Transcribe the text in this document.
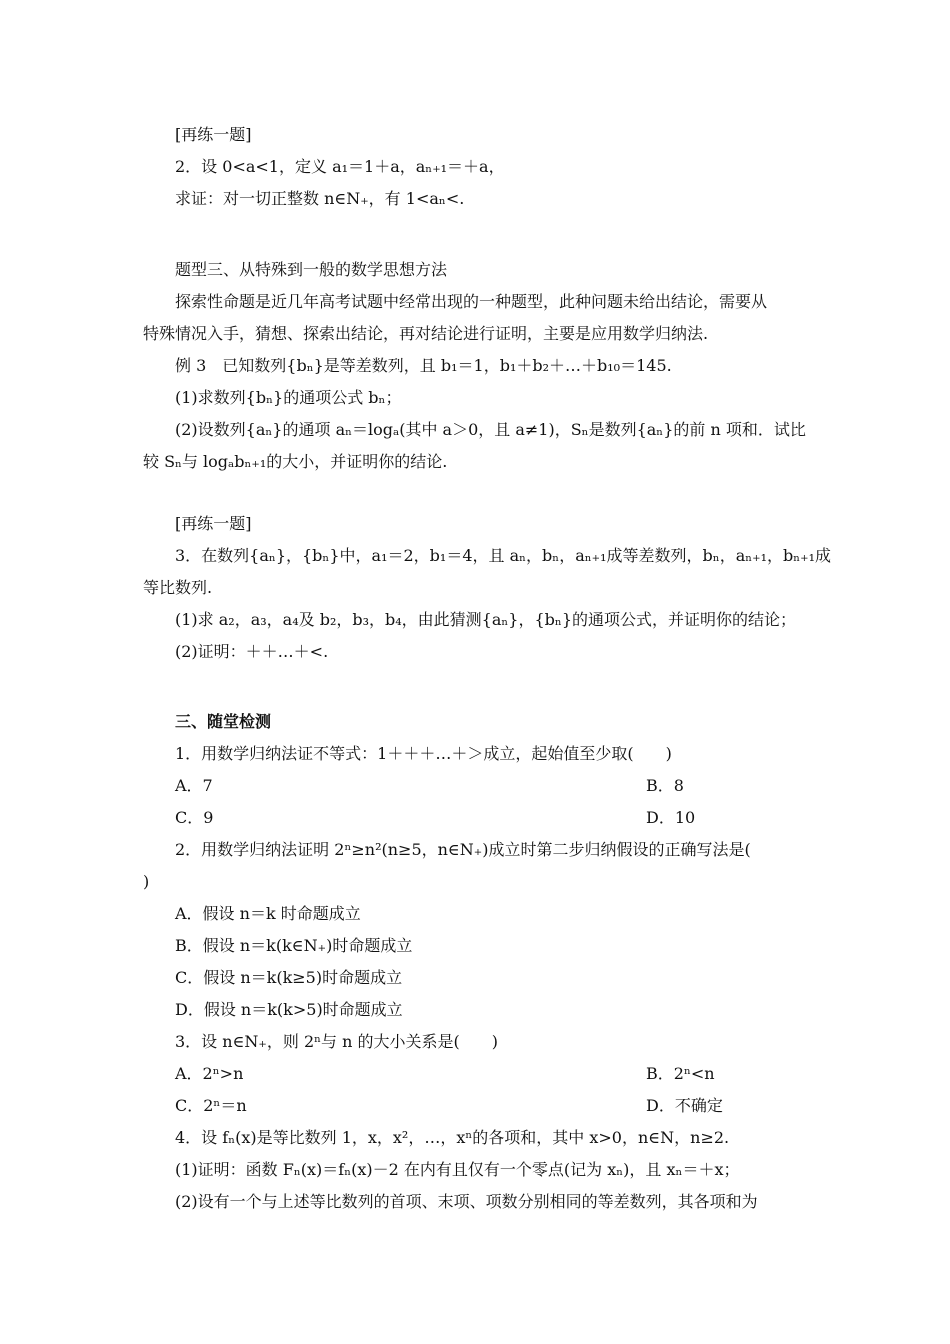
[再练一题]
2．设 0<a<1，定义 a₁＝1＋a，aₙ₊₁＝＋a，
求证：对一切正整数 n∈N₊，有 1<aₙ<.
题型三、从特殊到一般的数学思想方法
探索性命题是近几年高考试题中经常出现的一种题型，此种问题未给出结论，需要从
特殊情况入手，猜想、探索出结论，再对结论进行证明，主要是应用数学归纳法.
例 3　已知数列{bₙ}是等差数列，且 b₁＝1，b₁＋b₂＋…＋b₁₀＝145.
(1)求数列{bₙ}的通项公式 bₙ；
(2)设数列{aₙ}的通项 aₙ＝logₐ(其中 a＞0，且 a≠1)，Sₙ是数列{aₙ}的前 n 项和．试比
较 Sₙ与 logₐbₙ₊₁的大小，并证明你的结论.
[再练一题]
3．在数列{aₙ}，{bₙ}中，a₁＝2，b₁＝4，且 aₙ，bₙ，aₙ₊₁成等差数列，bₙ，aₙ₊₁，bₙ₊₁成
等比数列.
(1)求 a₂，a₃，a₄及 b₂，b₃，b₄，由此猜测{aₙ}，{bₙ}的通项公式，并证明你的结论；
(2)证明：＋＋…＋<.
三、随堂检测
1．用数学归纳法证不等式：1＋＋＋…＋＞成立，起始值至少取(　　)
A．7	B．8
C．9	D．10
2．用数学归纳法证明 2ⁿ≥n²(n≥5，n∈N₊)成立时第二步归纳假设的正确写法是(
)
A．假设 n＝k 时命题成立
B．假设 n＝k(k∈N₊)时命题成立
C．假设 n＝k(k≥5)时命题成立
D．假设 n＝k(k>5)时命题成立
3．设 n∈N₊，则 2ⁿ与 n 的大小关系是(　　)
A．2ⁿ>n	B．2ⁿ<n
C．2ⁿ＝n	D．不确定
4．设 fₙ(x)是等比数列 1，x，x²，…，xⁿ的各项和，其中 x>0，n∈N，n≥2.
(1)证明：函数 Fₙ(x)＝fₙ(x)－2 在内有且仅有一个零点(记为 xₙ)，且 xₙ＝＋x；
(2)设有一个与上述等比数列的首项、末项、项数分别相同的等差数列，其各项和为
